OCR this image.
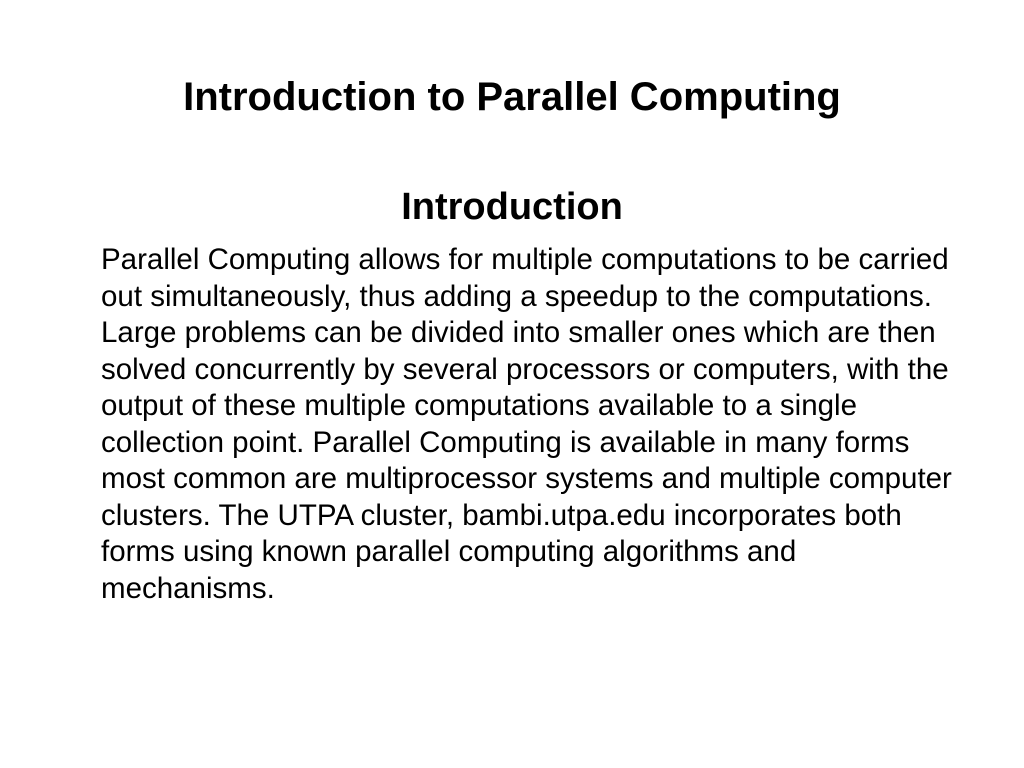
Introduction to Parallel Computing
Introduction

Parallel Computing allows for multiple computations to be carried out simultaneously, thus adding a speedup to the computations. Large problems can be divided into smaller ones which are then solved concurrently by several processors or computers, with the output of these multiple computations available to a single collection point. Parallel Computing is available in many forms most common are multiprocessor systems and multiple computer clusters. The UTPA cluster, bambi.utpa.edu incorporates both forms using known parallel computing algorithms and mechanisms.
